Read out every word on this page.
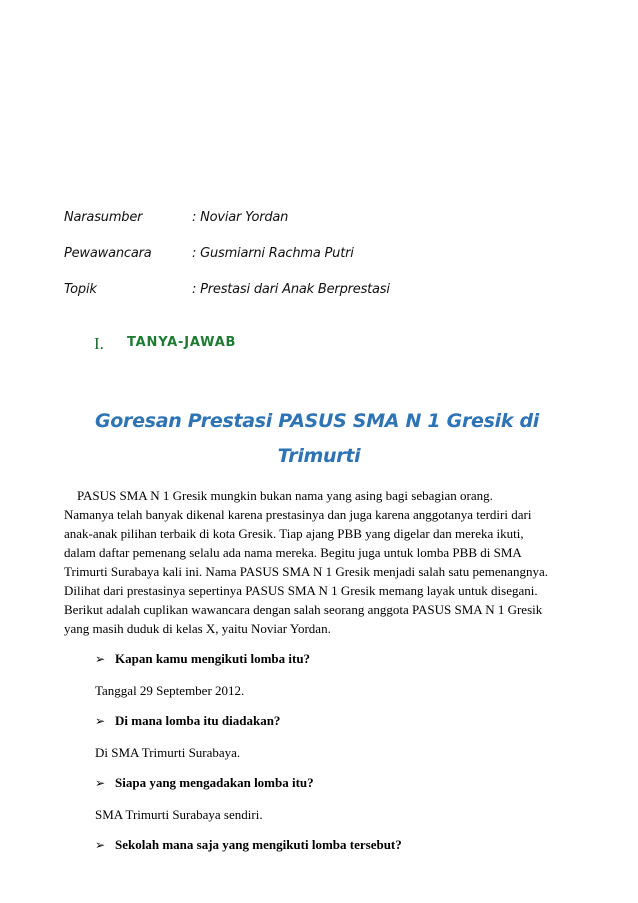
Narasumber	: Noviar Yordan
Pewawancara	: Gusmiarni Rachma Putri
Topik	: Prestasi dari Anak Berprestasi
I. TANYA-JAWAB
Goresan Prestasi PASUS SMA N 1 Gresik di
Trimurti
PASUS SMA N 1 Gresik mungkin bukan nama yang asing bagi sebagian orang.
Namanya telah banyak dikenal karena prestasinya dan juga karena anggotanya terdiri dari
anak-anak pilihan terbaik di kota Gresik. Tiap ajang PBB yang digelar dan mereka ikuti,
dalam daftar pemenang selalu ada nama mereka. Begitu juga untuk lomba PBB di SMA
Trimurti Surabaya kali ini. Nama PASUS SMA N 1 Gresik menjadi salah satu pemenangnya.
Dilihat dari prestasinya sepertinya PASUS SMA N 1 Gresik memang layak untuk disegani.
Berikut adalah cuplikan wawancara dengan salah seorang anggota PASUS SMA N 1 Gresik
yang masih duduk di kelas X, yaitu Noviar Yordan.
➢ Kapan kamu mengikuti lomba itu?
Tanggal 29 September 2012.
➢ Di mana lomba itu diadakan?
Di SMA Trimurti Surabaya.
➢ Siapa yang mengadakan lomba itu?
SMA Trimurti Surabaya sendiri.
➢ Sekolah mana saja yang mengikuti lomba tersebut?
